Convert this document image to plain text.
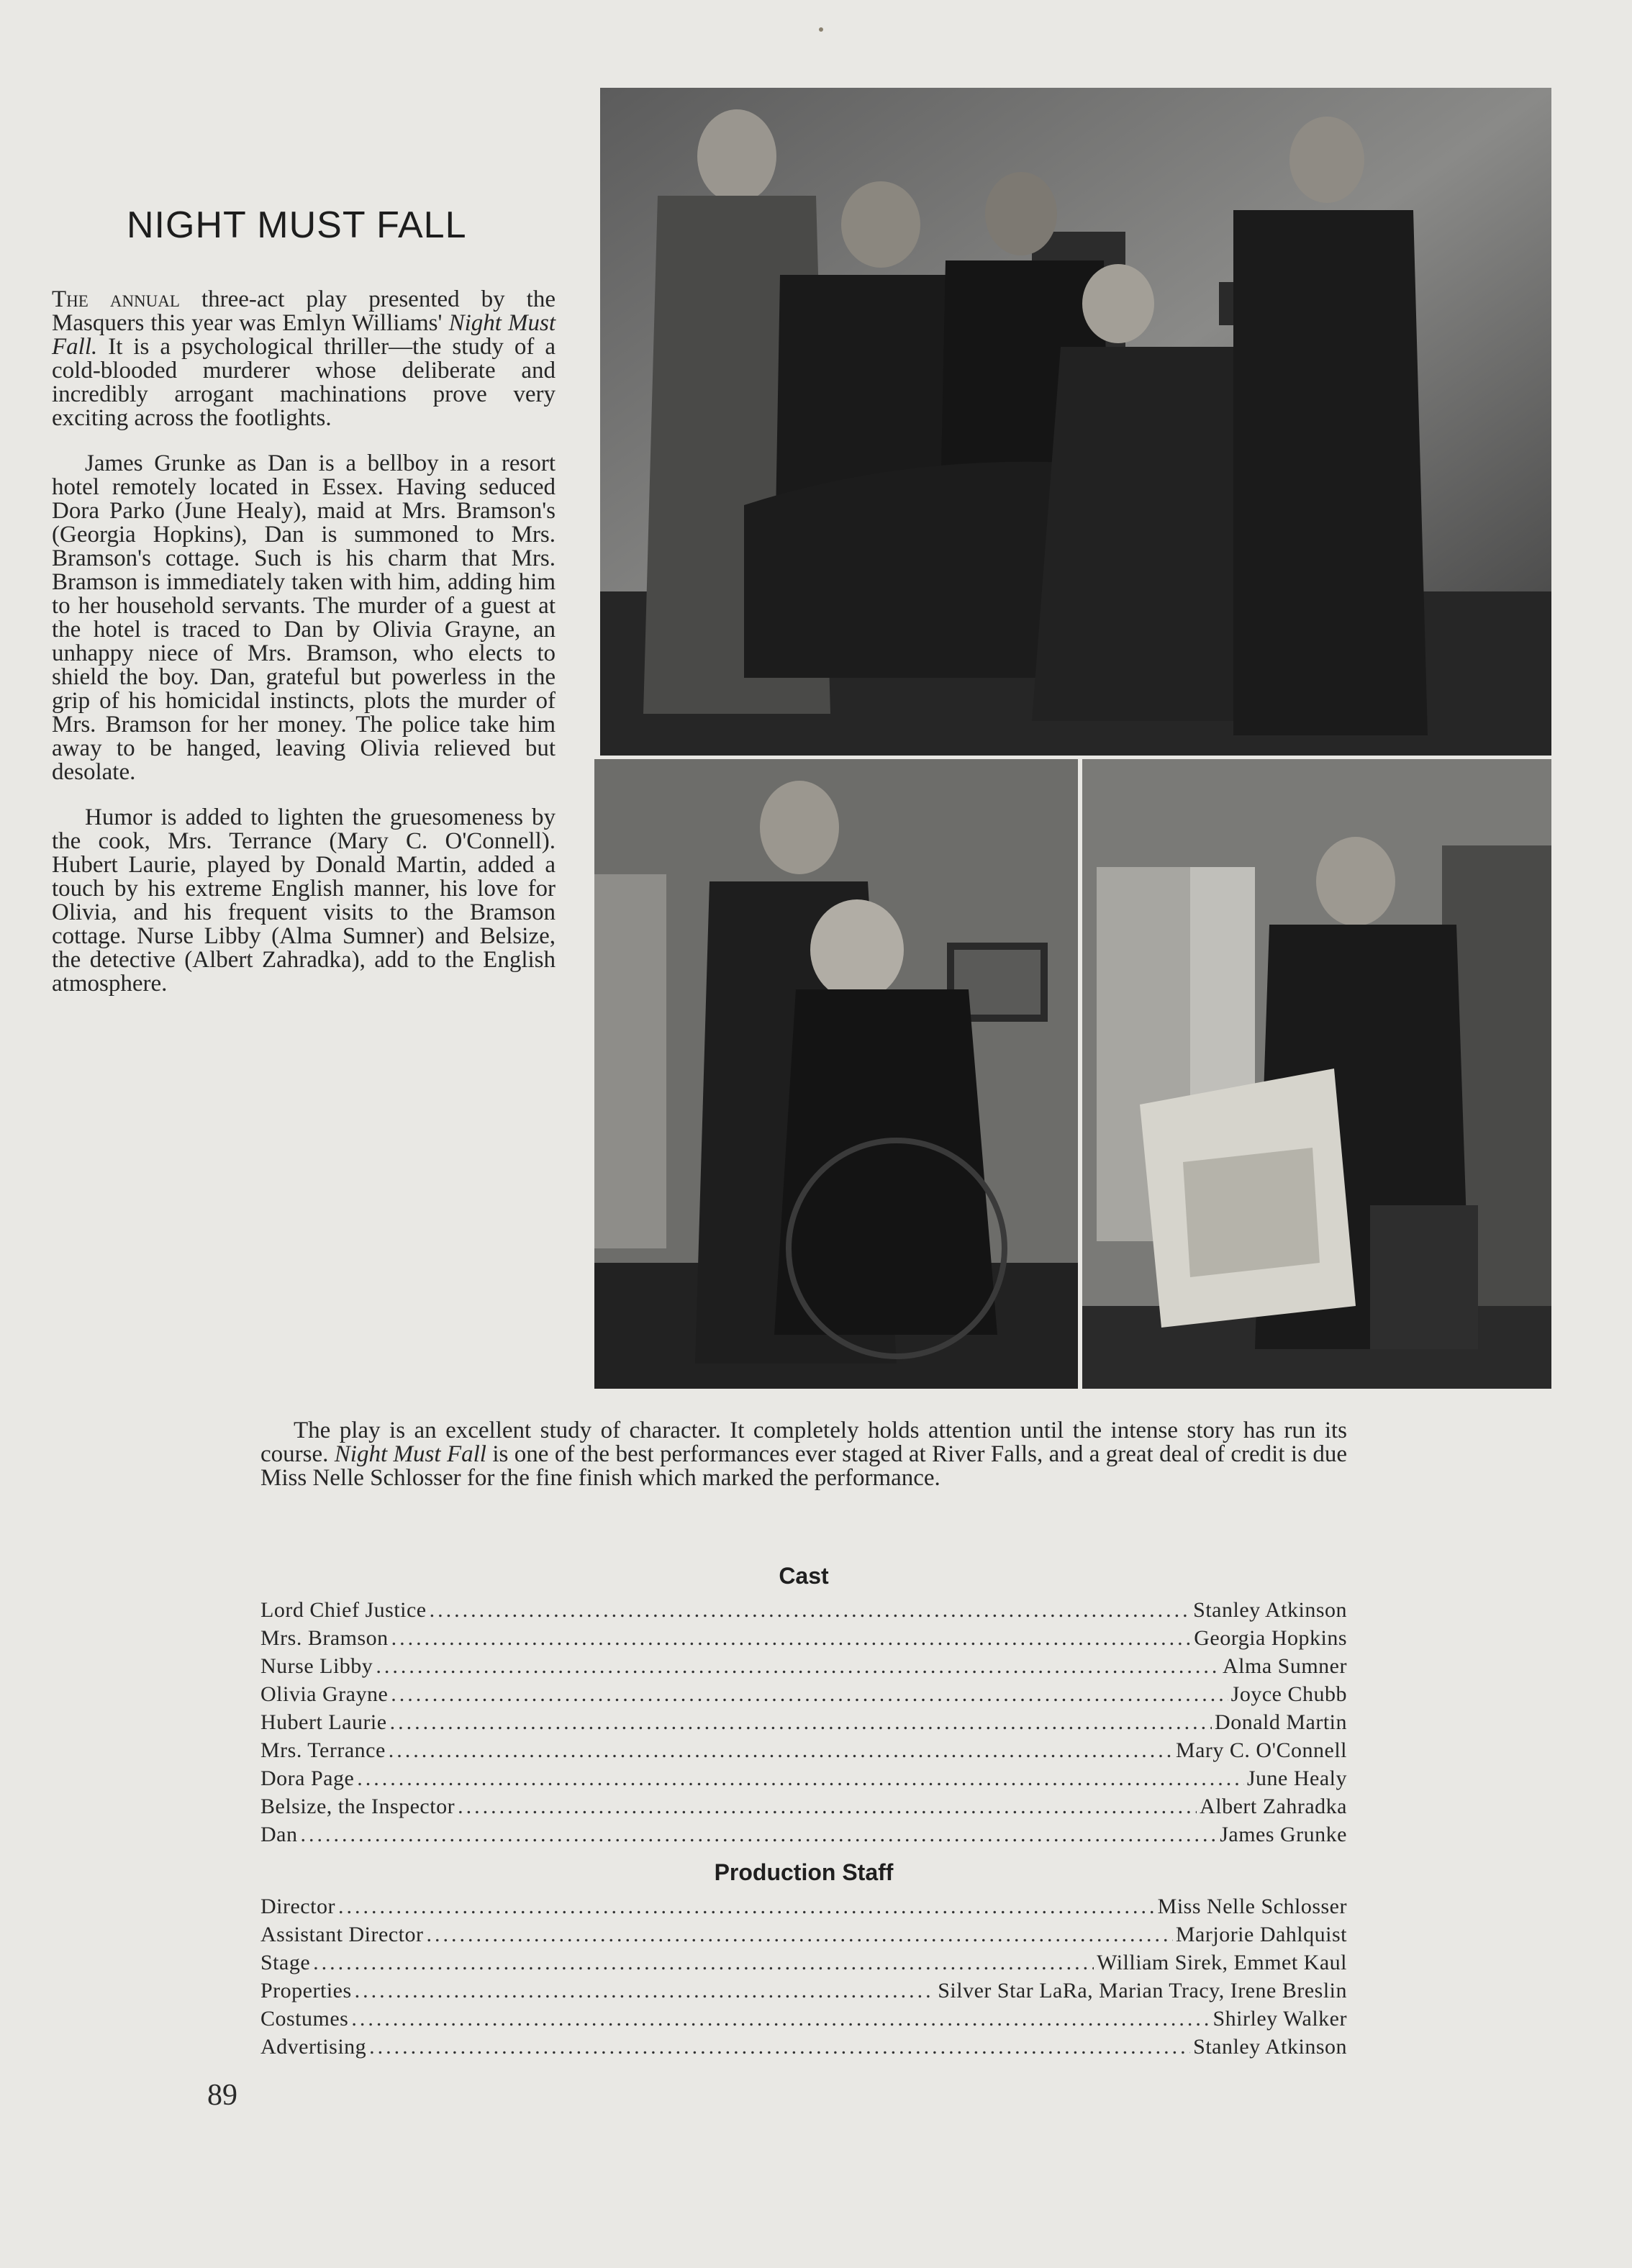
NIGHT MUST FALL

The annual three-act play presented by the Masquers this year was Emlyn Williams' Night Must Fall. It is a psychological thriller—the study of a cold-blooded murderer whose deliberate and incredibly arrogant machinations prove very exciting across the footlights.

James Grunke as Dan is a bellboy in a resort hotel remotely located in Essex. Having seduced Dora Parko (June Healy), maid at Mrs. Bramson's (Georgia Hopkins), Dan is summoned to Mrs. Bramson's cottage. Such is his charm that Mrs. Bramson is immediately taken with him, adding him to her household servants. The murder of a guest at the hotel is traced to Dan by Olivia Grayne, an unhappy niece of Mrs. Bramson, who elects to shield the boy. Dan, grateful but powerless in the grip of his homicidal instincts, plots the murder of Mrs. Bramson for her money. The police take him away to be hanged, leaving Olivia relieved but desolate.

Humor is added to lighten the gruesomeness by the cook, Mrs. Terrance (Mary C. O'Connell). Hubert Laurie, played by Donald Martin, added a touch by his extreme English manner, his love for Olivia, and his frequent visits to the Bramson cottage. Nurse Libby (Alma Sumner) and Belsize, the detective (Albert Zahradka), add to the English atmosphere.

The play is an excellent study of character. It completely holds attention until the intense story has run its course. Night Must Fall is one of the best performances ever staged at River Falls, and a great deal of credit is due Miss Nelle Schlosser for the fine finish which marked the performance.

Cast
Lord Chief Justice .....	Stanley Atkinson
Mrs. Bramson .....	Georgia Hopkins
Nurse Libby .....	Alma Sumner
Olivia Grayne .....	Joyce Chubb
Hubert Laurie .....	Donald Martin
Mrs. Terrance .....	Mary C. O'Connell
Dora Page .....	June Healy
Belsize, the Inspector .....	Albert Zahradka
Dan .....	James Grunke
Production Staff
Director .....	Miss Nelle Schlosser
Assistant Director .....	Marjorie Dahlquist
Stage .....	William Sirek, Emmet Kaul
Properties .....	Silver Star LaRa, Marian Tracy, Irene Breslin
Costumes .....	Shirley Walker
Advertising .....	Stanley Atkinson
89
